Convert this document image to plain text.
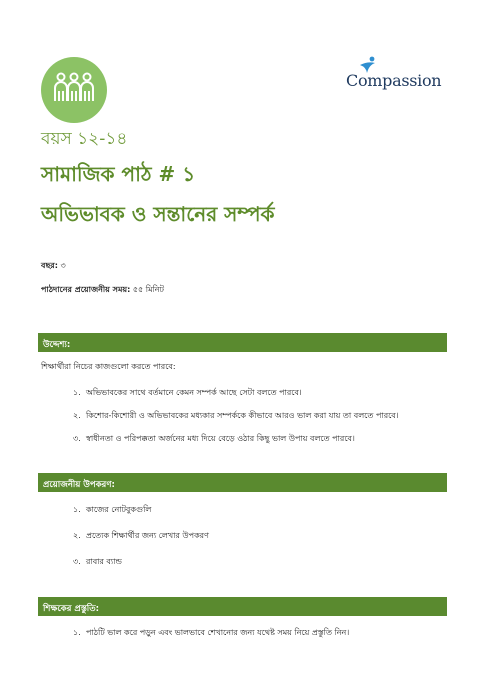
Compassion
বয়স ১২-১৪
সামাজিক পাঠ # ১
অভিভাবক ও সন্তানের সম্পর্ক
বছর: ৩
পাঠদানের প্রয়োজনীয় সময়: ৫৫ মিনিট
উদ্দেশ্য:
শিক্ষার্থীরা নিচের কাজগুলো করতে পারবে:
১. অভিভাবকের সাথে বর্তমানে কেমন সম্পর্ক আছে সেটা বলতে পারবে।
২. কিশোর-কিশোরী ও অভিভাবকের মধ্যকার সম্পর্ককে কীভাবে আরও ভাল করা যায় তা বলতে পারবে।
৩. স্বাধীনতা ও পরিপক্কতা অর্জনের মধ্য দিয়ে বেড়ে ওঠার কিছু ভাল উপায় বলতে পারবে।
প্রয়োজনীয় উপকরণ:
১. কাজের নোটবুকগুলি
২. প্রত্যেক শিক্ষার্থীর জন্য লেখার উপকরণ
৩. রাবার ব্যান্ড
শিক্ষকের প্রস্তুতি:
১. পাঠটি ভাল করে পড়ুন এবং ভালভাবে শেখানোর জন্য যথেষ্ট সময় নিয়ে প্রস্তুতি নিন।
